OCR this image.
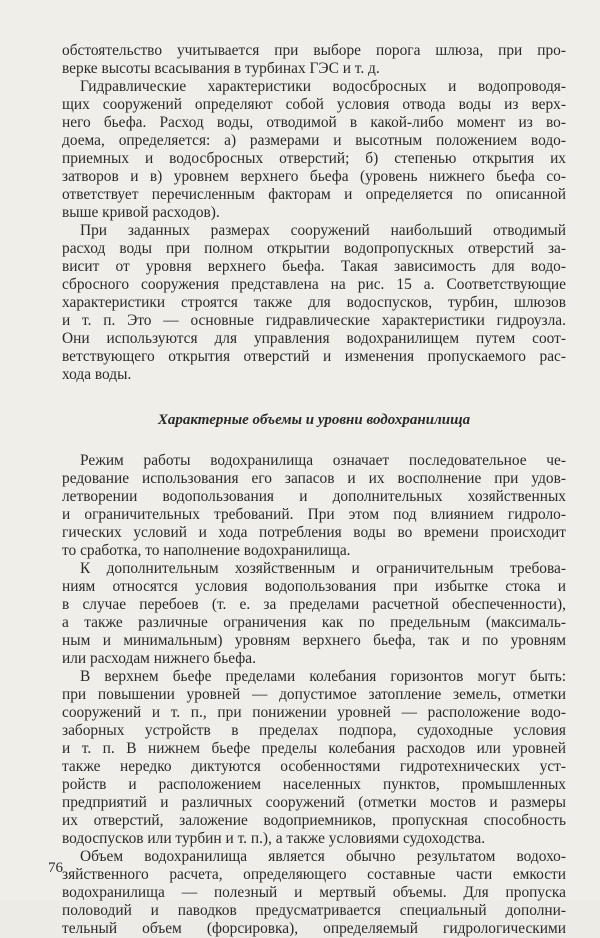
обстоятельство учитывается при выборе порога шлюза, при про-
верке высоты всасывания в турбинах ГЭС и т. д.
Гидравлические характеристики водосбросных и водопроводя-
щих сооружений определяют собой условия отвода воды из верх-
него бьефа. Расход воды, отводимой в какой-либо момент из во-
доема, определяется: а) размерами и высотным положением водо-
приемных и водосбросных отверстий; б) степенью открытия их
затворов и в) уровнем верхнего бьефа (уровень нижнего бьефа со-
ответствует перечисленным факторам и определяется по описанной
выше кривой расходов).
При заданных размерах сооружений наибольший отводимый
расход воды при полном открытии водопропускных отверстий за-
висит от уровня верхнего бьефа. Такая зависимость для водо-
сбросного сооружения представлена на рис. 15 а. Соответствующие
характеристики строятся также для водоспусков, турбин, шлюзов
и т. п. Это — основные гидравлические характеристики гидроузла.
Они используются для управления водохранилищем путем соот-
ветствующего открытия отверстий и изменения пропускаемого рас-
хода воды.
Характерные объемы и уровни водохранилища
Режим работы водохранилища означает последовательное че-
редование использования его запасов и их восполнение при удов-
летворении водопользования и дополнительных хозяйственных
и ограничительных требований. При этом под влиянием гидроло-
гических условий и хода потребления воды во времени происходит
то сработка, то наполнение водохранилища.
К дополнительным хозяйственным и ограничительным требова-
ниям относятся условия водопользования при избытке стока и
в случае перебоев (т. е. за пределами расчетной обеспеченности),
а также различные ограничения как по предельным (максималь-
ным и минимальным) уровням верхнего бьефа, так и по уровням
или расходам нижнего бьефа.
В верхнем бьефе пределами колебания горизонтов могут быть:
при повышении уровней — допустимое затопление земель, отметки
сооружений и т. п., при понижении уровней — расположение водо-
заборных устройств в пределах подпора, судоходные условия
и т. п. В нижнем бьефе пределы колебания расходов или уровней
также нередко диктуются особенностями гидротехнических уст-
ройств и расположением населенных пунктов, промышленных
предприятий и различных сооружений (отметки мостов и размеры
их отверстий, заложение водоприемников, пропускная способность
водоспусков или турбин и т. п.), а также условиями судоходства.
Объем водохранилища является обычно результатом водохо-
зяйственного расчета, определяющего составные части емкости
водохранилища — полезный и мертвый объемы. Для пропуска
половодий и паводков предусматривается специальный дополни-
тельный объем (форсировка), определяемый гидрологическими
76
